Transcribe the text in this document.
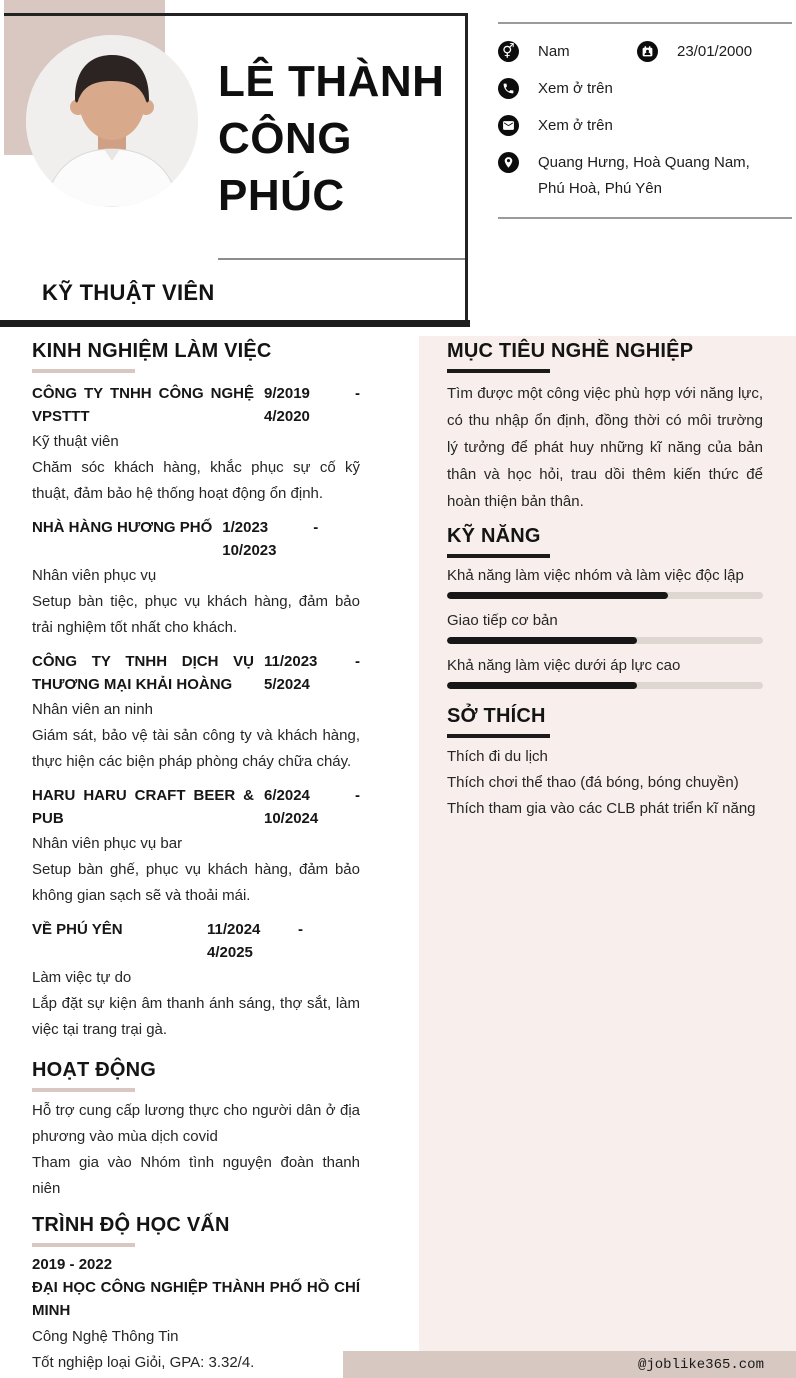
LÊ THÀNH
CÔNG
PHÚC
KỸ THUẬT VIÊN
⚥ Nam	23/01/2000
Xem ở trên
Xem ở trên
Quang Hưng, Hoà Quang Nam, Phú Hoà, Phú Yên
KINH NGHIỆM LÀM VIỆC
CÔNG TY TNHH CÔNG NGHỆ VPSTTT
9/2019	-
4/2020
Kỹ thuật viên
Chăm sóc khách hàng, khắc phục sự cố kỹ thuật, đảm bảo hệ thống hoạt động ổn định.
NHÀ HÀNG HƯƠNG PHỐ 1/2023	-
10/2023
Nhân viên phục vụ
Setup bàn tiệc, phục vụ khách hàng, đảm bảo trải nghiệm tốt nhất cho khách.
CÔNG TY TNHH DỊCH VỤ THƯƠNG MẠI KHẢI HOÀNG
11/2023	-
5/2024
Nhân viên an ninh
Giám sát, bảo vệ tài sản công ty và khách hàng, thực hiện các biện pháp phòng cháy chữa cháy.
HARU HARU CRAFT BEER & PUB
6/2024	-
10/2024
Nhân viên phục vụ bar
Setup bàn ghế, phục vụ khách hàng, đảm bảo không gian sạch sẽ và thoải mái.
VỀ PHÚ YÊN	11/2024	-
4/2025
Làm việc tự do
Lắp đặt sự kiện âm thanh ánh sáng, thợ sắt, làm việc tại trang trại gà.
HOẠT ĐỘNG
Hỗ trợ cung cấp lương thực cho người dân ở địa phương vào mùa dịch covid
Tham gia vào Nhóm tình nguyện đoàn thanh niên
TRÌNH ĐỘ HỌC VẤN
2019 - 2022
ĐẠI HỌC CÔNG NGHIỆP THÀNH PHỐ HỒ CHÍ MINH
Công Nghệ Thông Tin
Tốt nghiệp loại Giỏi, GPA: 3.32/4.
MỤC TIÊU NGHỀ NGHIỆP
Tìm được một công việc phù hợp với năng lực, có thu nhập ổn định, đồng thời có môi trường lý tưởng để phát huy những kĩ năng của bản thân và học hỏi, trau dồi thêm kiến thức để hoàn thiện bản thân.
KỸ NĂNG
Khả năng làm việc nhóm và làm việc độc lập
Giao tiếp cơ bản
Khả năng làm việc dưới áp lực cao
SỞ THÍCH
Thích đi du lịch
Thích chơi thể thao (đá bóng, bóng chuyền)
Thích tham gia vào các CLB phát triển kĩ năng
@joblike365.com
